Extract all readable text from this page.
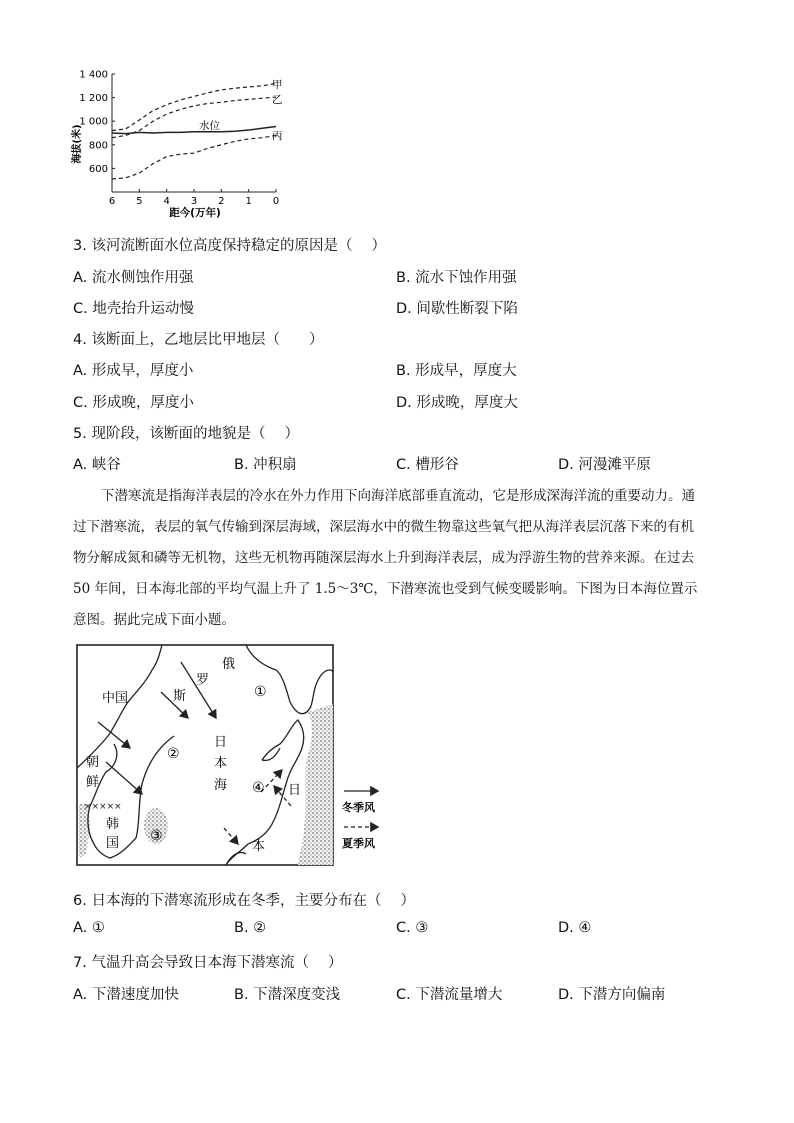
1 400
1 200
1 000
800
600
6 5 4 3 2 1 0
海拔(米)
距今(万年)
甲
乙
丙
水位
3. 该河流断面水位高度保持稳定的原因是（　 ）
A. 流水侧蚀作用强	B. 流水下蚀作用强
C. 地壳抬升运动慢	D. 间歇性断裂下陷
4. 该断面上，乙地层比甲地层（　　）
A. 形成早，厚度小	B. 形成早，厚度大
C. 形成晚，厚度小	D. 形成晚，厚度大
5. 现阶段，该断面的地貌是（　 ）
A. 峡谷	B. 冲积扇	C. 槽形谷	D. 河漫滩平原
下潜寒流是指海洋表层的冷水在外力作用下向海洋底部垂直流动，它是形成深海洋流的重要动力。通
过下潜寒流，表层的氧气传输到深层海域，深层海水中的微生物靠这些氧气把从海洋表层沉落下来的有机
物分解成氮和磷等无机物，这些无机物再随深层海水上升到海洋表层，成为浮游生物的营养来源。在过去
50 年间，日本海北部的平均气温上升了 1.5～3℃，下潜寒流也受到气候变暖影响。下图为日本海位置示
意图。据此完成下面小题。
×××××
中国
俄
罗
斯
朝
鲜
韩
国
日
本
海	日
本
①
②
③
④
冬季风
夏季风
6. 日本海的下潜寒流形成在冬季，主要分布在（　 ）
A. ①	B. ②	C. ③	D. ④
7. 气温升高会导致日本海下潜寒流（　 ）
A. 下潜速度加快	B. 下潜深度变浅	C. 下潜流量增大	D. 下潜方向偏南
